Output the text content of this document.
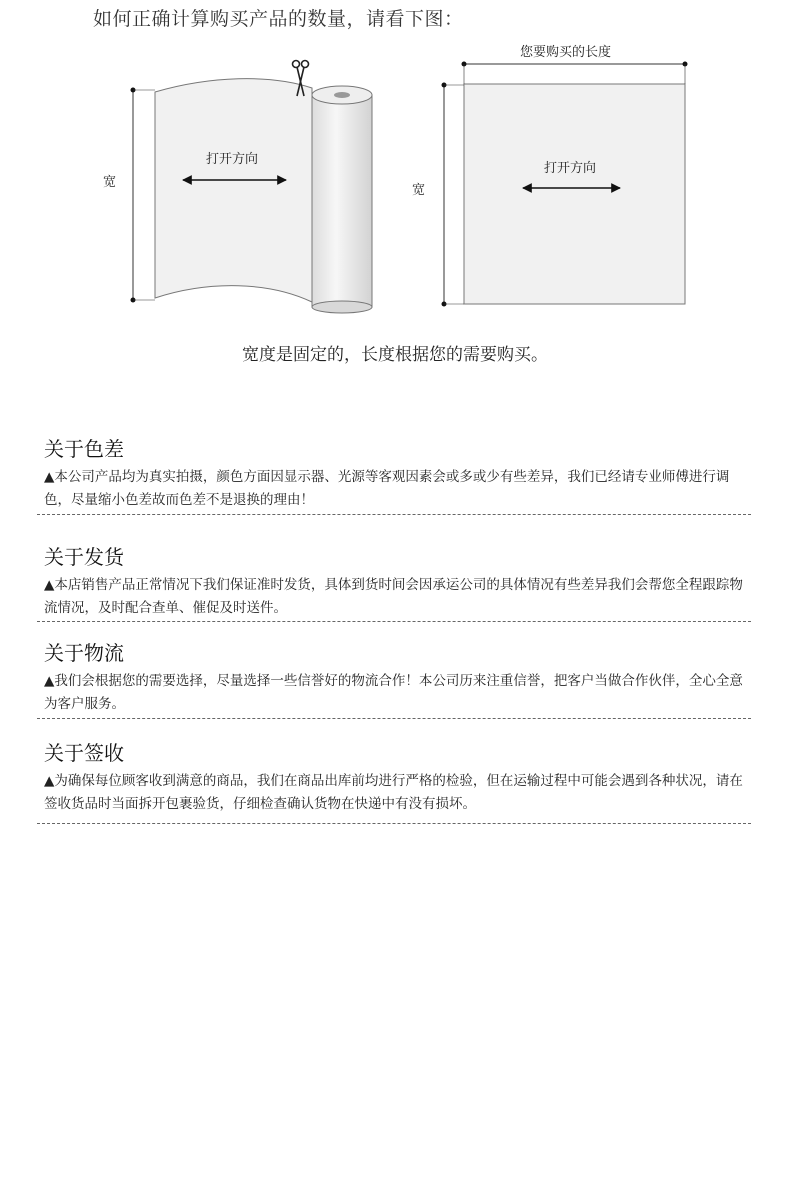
如何正确计算购买产品的数量，请看下图：
宽
打开方向
您要购买的长度
宽
打开方向
宽度是固定的，长度根据您的需要购买。
关于色差

▲本公司产品均为真实拍摄，颜色方面因显示器、光源等客观因素会或多或少有些差异，我们已经请专业师傅进行调色，尽量缩小色差故而色差不是退换的理由！

关于发货

▲本店销售产品正常情况下我们保证准时发货，具体到货时间会因承运公司的具体情况有些差异我们会帮您全程跟踪物流情况，及时配合查单、催促及时送件。

关于物流

▲我们会根据您的需要选择，尽量选择一些信誉好的物流合作！本公司历来注重信誉，把客户当做合作伙伴，全心全意为客户服务。

关于签收

▲为确保每位顾客收到满意的商品，我们在商品出库前均进行严格的检验，但在运输过程中可能会遇到各种状况，请在签收货品时当面拆开包裹验货，仔细检查确认货物在快递中有没有损坏。
